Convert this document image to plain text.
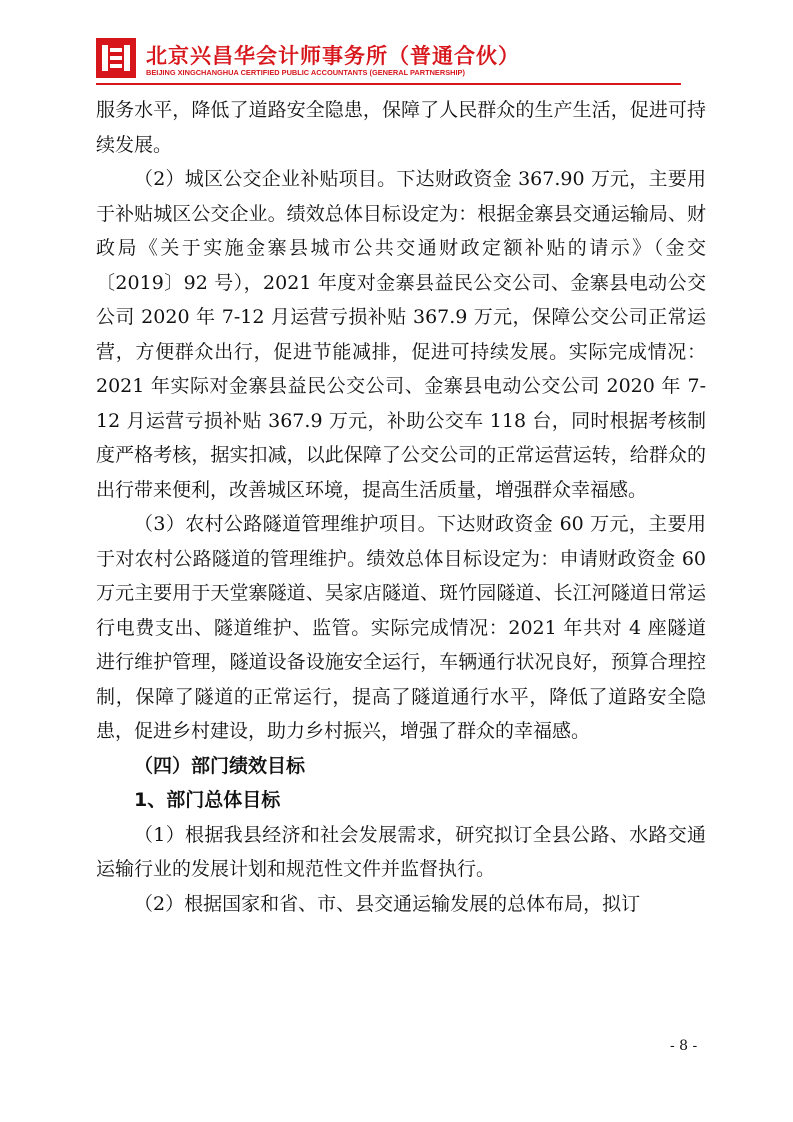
北京兴昌华会计师事务所（普通合伙）
BEIJING XINGCHANGHUA CERTIFIED PUBLIC ACCOUNTANTS (GENERAL PARTNERSHIP)

服务水平，降低了道路安全隐患，保障了人民群众的生产生活，促进可持续发展。

（2）城区公交企业补贴项目。下达财政资金 367.90 万元，主要用于补贴城区公交企业。绩效总体目标设定为：根据金寨县交通运输局、财政局《关于实施金寨县城市公共交通财政定额补贴的请示》（金交〔2019〕92 号），2021 年度对金寨县益民公交公司、金寨县电动公交公司 2020 年 7-12 月运营亏损补贴 367.9 万元，保障公交公司正常运营，方便群众出行，促进节能减排，促进可持续发展。实际完成情况：2021 年实际对金寨县益民公交公司、金寨县电动公交公司 2020 年 7-12 月运营亏损补贴 367.9 万元，补助公交车 118 台，同时根据考核制度严格考核，据实扣减，以此保障了公交公司的正常运营运转，给群众的出行带来便利，改善城区环境，提高生活质量，增强群众幸福感。

（3）农村公路隧道管理维护项目。下达财政资金 60 万元，主要用于对农村公路隧道的管理维护。绩效总体目标设定为：申请财政资金 60 万元主要用于天堂寨隧道、吴家店隧道、斑竹园隧道、长江河隧道日常运行电费支出、隧道维护、监管。实际完成情况：2021 年共对 4 座隧道进行维护管理，隧道设备设施安全运行，车辆通行状况良好，预算合理控制，保障了隧道的正常运行，提高了隧道通行水平，降低了道路安全隐患，促进乡村建设，助力乡村振兴，增强了群众的幸福感。

（四）部门绩效目标

1、部门总体目标

（1）根据我县经济和社会发展需求，研究拟订全县公路、水路交通运输行业的发展计划和规范性文件并监督执行。

（2）根据国家和省、市、县交通运输发展的总体布局，拟订

- 8 -
